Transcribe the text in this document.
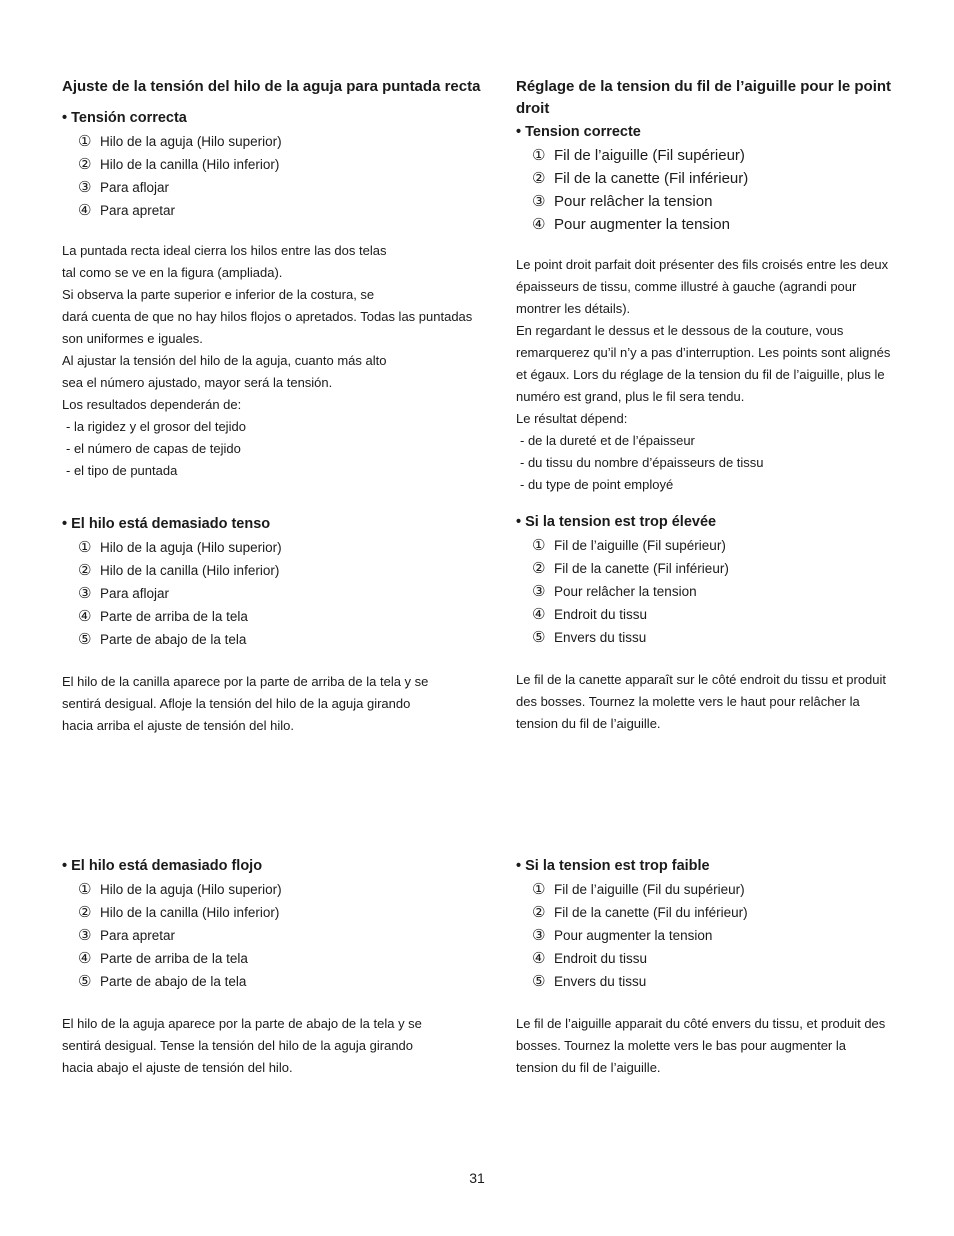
Ajuste de la tensión del hilo de la aguja para puntada recta

• Tensión correcta

① Hilo de la aguja (Hilo superior)
② Hilo de la canilla (Hilo inferior)
③ Para aflojar
④ Para apretar

La puntada recta ideal cierra los hilos entre las dos telas

tal como se ve en la figura (ampliada).

Si observa la parte superior e inferior de la costura, se

dará cuenta de que no hay hilos flojos o apretados. Todas las puntadas

son uniformes e iguales.

Al ajustar la tensión del hilo de la aguja, cuanto más alto

sea el número ajustado, mayor será la tensión.

Los resultados dependerán de:

- la rigidez y el grosor del tejido

- el número de capas de tejido

- el tipo de puntada

• El hilo está demasiado tenso

① Hilo de la aguja (Hilo superior)
② Hilo de la canilla (Hilo inferior)
③ Para aflojar
④ Parte de arriba de la tela
⑤ Parte de abajo de la tela

El hilo de la canilla aparece por la parte de arriba de la tela y se

sentirá desigual. Afloje la tensión del hilo de la aguja girando

hacia arriba el ajuste de tensión del hilo.

• El hilo está demasiado flojo

① Hilo de la aguja (Hilo superior)
② Hilo de la canilla (Hilo inferior)
③ Para apretar
④ Parte de arriba de la tela
⑤ Parte de abajo de la tela

El hilo de la aguja aparece por la parte de abajo de la tela y se

sentirá desigual. Tense la tensión del hilo de la aguja girando

hacia abajo el ajuste de tensión del hilo.

Réglage de la tension du fil de l’aiguille pour le point
droit

• Tension correcte

① Fil de l’aiguille (Fil supérieur)
② Fil de la canette (Fil inférieur)
③ Pour relâcher la tension
④ Pour augmenter la tension

Le point droit parfait doit présenter des fils croisés entre les deux

épaisseurs de tissu, comme illustré à gauche (agrandi pour

montrer les détails).

En regardant le dessus et le dessous de la couture, vous

remarquerez qu’il n’y a pas d’interruption. Les points sont alignés

et égaux. Lors du réglage de la tension du fil de l’aiguille, plus le

numéro est grand, plus le fil sera tendu.

Le résultat dépend:

- de la dureté et de l’épaisseur

- du tissu du nombre d’épaisseurs de tissu

- du type de point employé

• Si la tension est trop élevée

① Fil de l’aiguille (Fil supérieur)
② Fil de la canette (Fil inférieur)
③ Pour relâcher la tension
④ Endroit du tissu
⑤ Envers du tissu

Le fil de la canette apparaît sur le côté endroit du tissu et produit

des bosses. Tournez la molette vers le haut pour relâcher la

tension du fil de l’aiguille.

• Si la tension est trop faible

① Fil de l’aiguille (Fil du supérieur)
② Fil de la canette (Fil du inférieur)
③ Pour augmenter la tension
④ Endroit du tissu
⑤ Envers du tissu

Le fil de l’aiguille apparait du côté envers du tissu, et produit des

bosses. Tournez la molette vers le bas pour augmenter la

tension du fil de l’aiguille.

31
